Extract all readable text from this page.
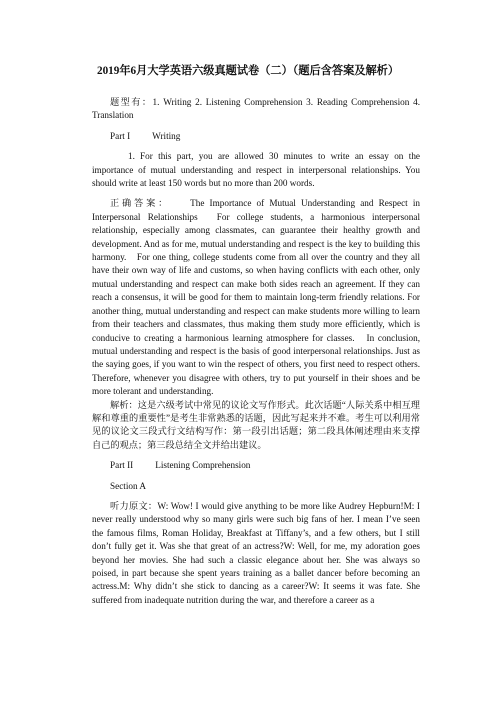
2019年6月大学英语六级真题试卷（二）（题后含答案及解析）

题型有：1. Writing 2. Listening Comprehension 3. Reading Comprehension 4. Translation

Part I Writing

1. For this part, you are allowed 30 minutes to write an essay on the importance of mutual understanding and respect in interpersonal relationships. You should write at least 150 words but no more than 200 words.

正确答案： The Importance of Mutual Understanding and Respect in Interpersonal Relationships　For college students, a harmonious interpersonal relationship, especially among classmates, can guarantee their healthy growth and development. And as for me, mutual understanding and respect is the key to building this harmony.　For one thing, college students come from all over the country and they all have their own way of life and customs, so when having conflicts with each other, only mutual understanding and respect can make both sides reach an agreement. If they can reach a consensus, it will be good for them to maintain long-term friendly relations. For another thing, mutual understanding and respect can make students more willing to learn from their teachers and classmates, thus making them study more efficiently, which is conducive to creating a harmonious learning atmosphere for classes.　In conclusion, mutual understanding and respect is the basis of good interpersonal relationships. Just as the saying goes, if you want to win the respect of others, you first need to respect others. Therefore, whenever you disagree with others, try to put yourself in their shoes and be more tolerant and understanding.

解析：这是六级考试中常见的议论文写作形式。此次话题“人际关系中相互理解和尊重的重要性”是考生非常熟悉的话题，因此写起来并不难。考生可以利用常见的议论文三段式行文结构写作：第一段引出话题；第二段具体阐述理由来支撑自己的观点；第三段总结全文并给出建议。

Part II Listening Comprehension

Section A

听力原文：W: Wow! I would give anything to be more like Audrey Hepburn!M: I never really understood why so many girls were such big fans of her. I mean I’ve seen the famous films, Roman Holiday, Breakfast at Tiffany’s, and a few others, but I still don’t fully get it. Was she that great of an actress?W: Well, for me, my adoration goes beyond her movies. She had such a classic elegance about her. She was always so poised, in part because she spent years training as a ballet dancer before becoming an actress.M: Why didn’t she stick to dancing as a career?W: It seems it was fate. She suffered from inadequate nutrition during the war, and therefore a career as a
